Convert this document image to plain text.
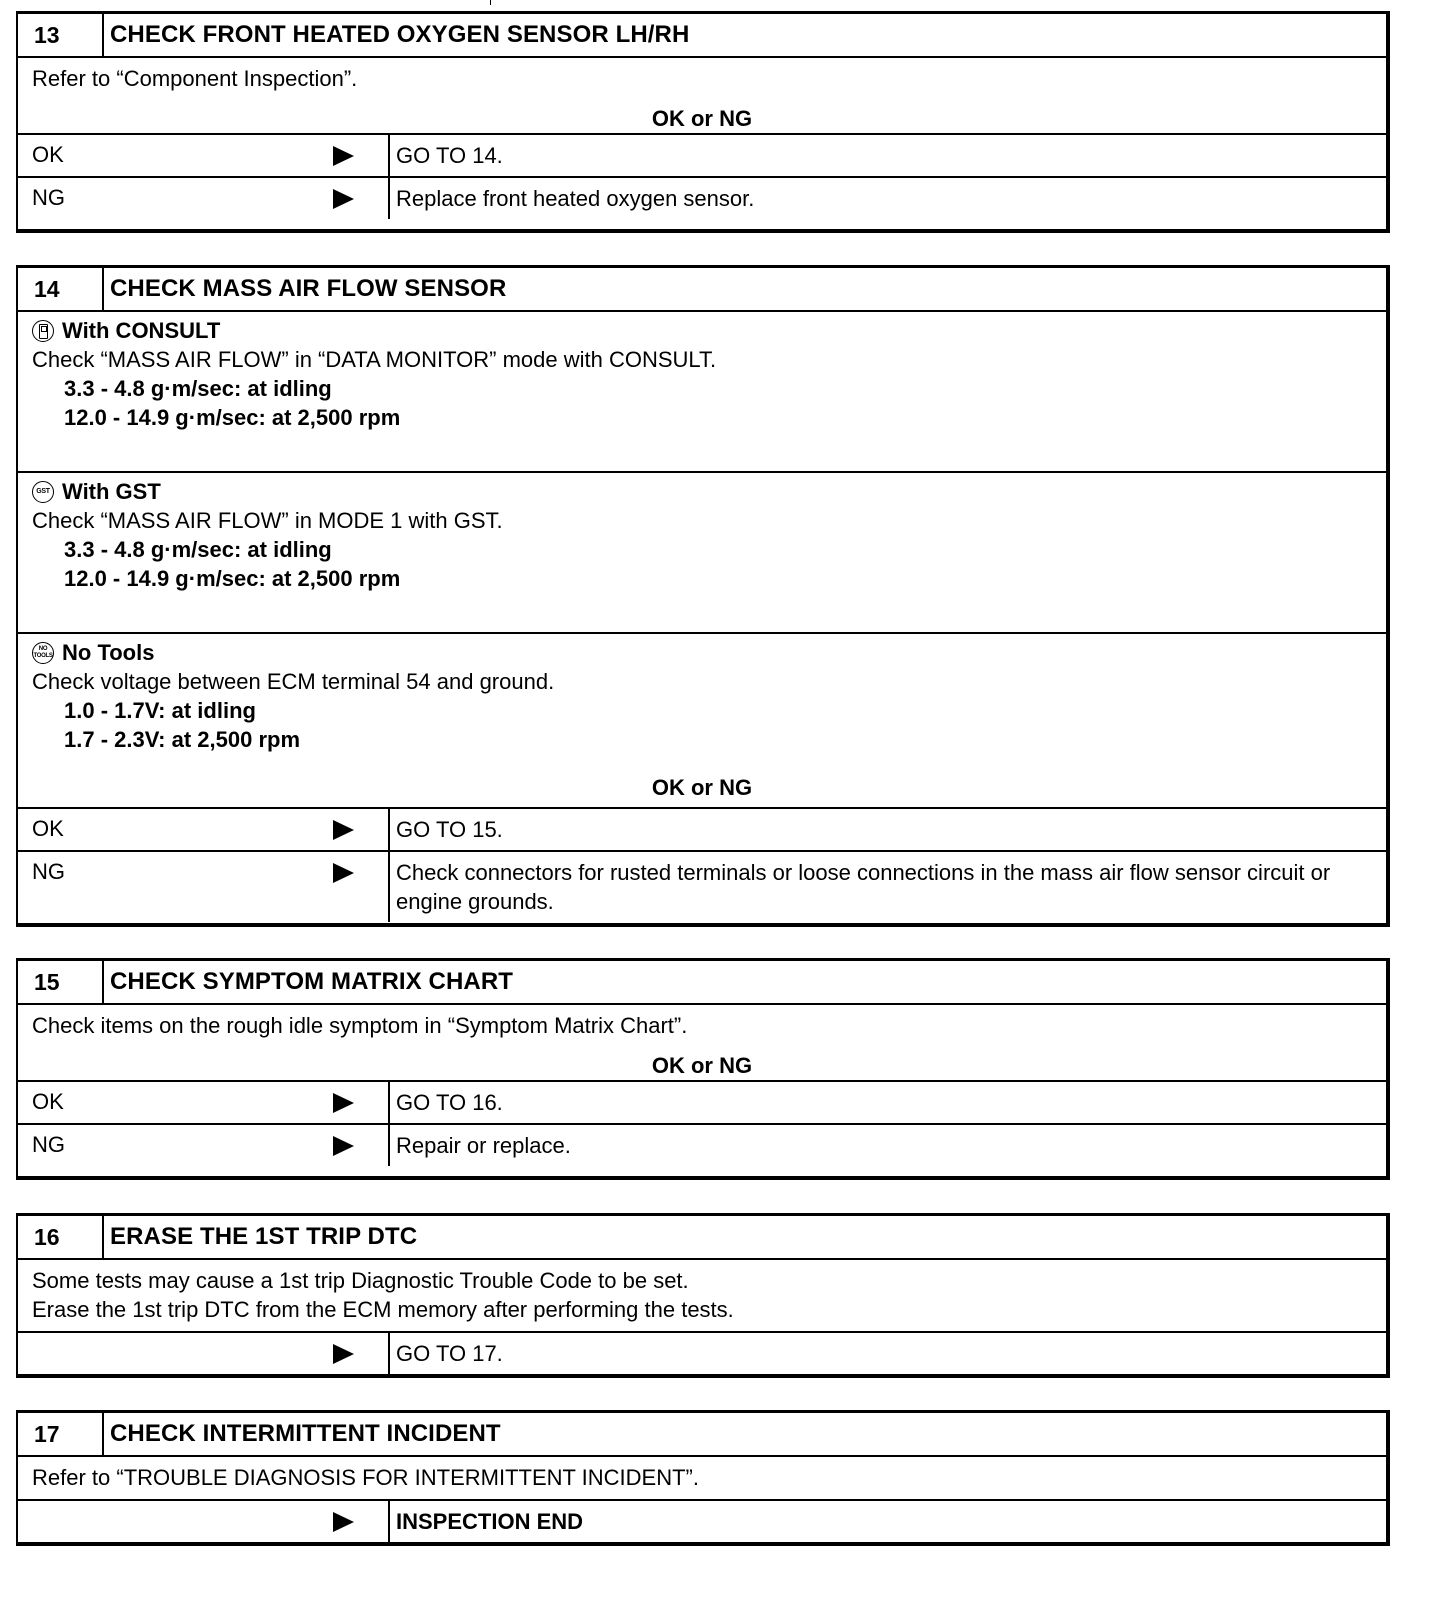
13	CHECK FRONT HEATED OXYGEN SENSOR LH/RH
Refer to “Component Inspection”.
OK or NG
OK	GO TO 14.
NG	Replace front heated oxygen sensor.
14	CHECK MASS AIR FLOW SENSOR
With CONSULT
Check “MASS AIR FLOW” in “DATA MONITOR” mode with CONSULT.
3.3 - 4.8 g·m/sec: at idling
12.0 - 14.9 g·m/sec: at 2,500 rpm
GST With GST
Check “MASS AIR FLOW” in MODE 1 with GST.
3.3 - 4.8 g·m/sec: at idling
12.0 - 14.9 g·m/sec: at 2,500 rpm
NO TOOLS No Tools
Check voltage between ECM terminal 54 and ground.
1.0 - 1.7V: at idling
1.7 - 2.3V: at 2,500 rpm
OK or NG
OK	GO TO 15.
NG	Check connectors for rusted terminals or loose connections in the mass air flow sensor circuit or engine grounds.
15	CHECK SYMPTOM MATRIX CHART
Check items on the rough idle symptom in “Symptom Matrix Chart”.
OK or NG
OK	GO TO 16.
NG	Repair or replace.
16	ERASE THE 1ST TRIP DTC
Some tests may cause a 1st trip Diagnostic Trouble Code to be set.
Erase the 1st trip DTC from the ECM memory after performing the tests.
GO TO 17.
17	CHECK INTERMITTENT INCIDENT
Refer to “TROUBLE DIAGNOSIS FOR INTERMITTENT INCIDENT”.
INSPECTION END
